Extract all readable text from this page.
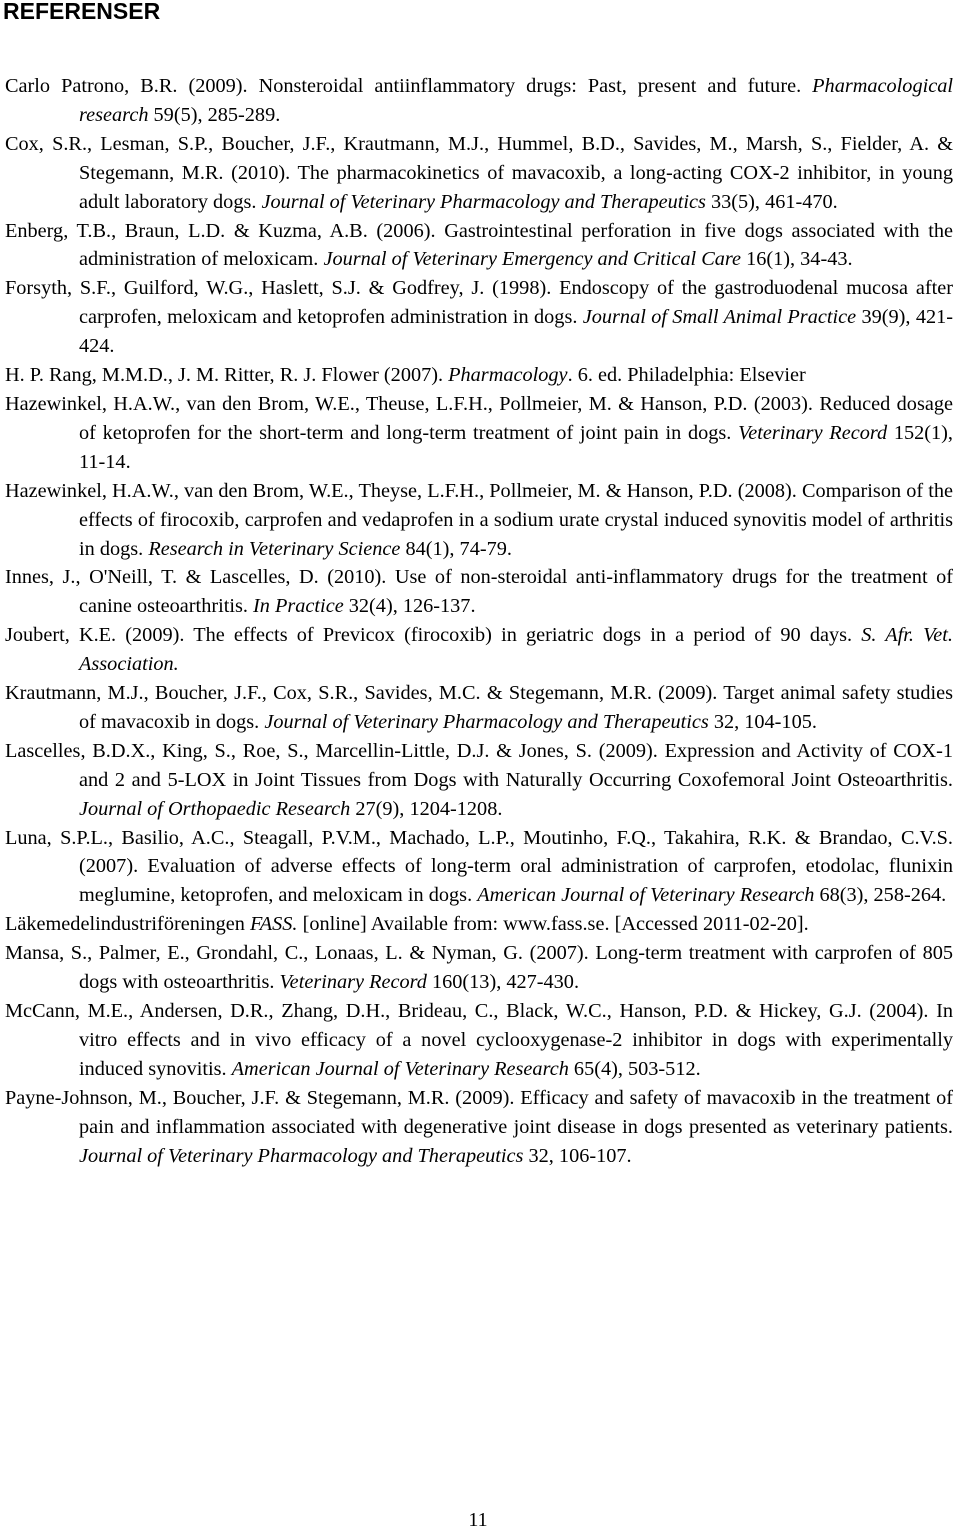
REFERENSER

Carlo Patrono, B.R. (2009). Nonsteroidal antiinflammatory drugs: Past, present and future. Pharmacological research 59(5), 285-289.

Cox, S.R., Lesman, S.P., Boucher, J.F., Krautmann, M.J., Hummel, B.D., Savides, M., Marsh, S., Fielder, A. & Stegemann, M.R. (2010). The pharmacokinetics of mavacoxib, a long-acting COX-2 inhibitor, in young adult laboratory dogs. Journal of Veterinary Pharmacology and Therapeutics 33(5), 461-470.

Enberg, T.B., Braun, L.D. & Kuzma, A.B. (2006). Gastrointestinal perforation in five dogs associated with the administration of meloxicam. Journal of Veterinary Emergency and Critical Care 16(1), 34-43.

Forsyth, S.F., Guilford, W.G., Haslett, S.J. & Godfrey, J. (1998). Endoscopy of the gastroduodenal mucosa after carprofen, meloxicam and ketoprofen administration in dogs. Journal of Small Animal Practice 39(9), 421-424.

H. P. Rang, M.M.D., J. M. Ritter, R. J. Flower (2007). Pharmacology. 6. ed. Philadelphia: Elsevier

Hazewinkel, H.A.W., van den Brom, W.E., Theuse, L.F.H., Pollmeier, M. & Hanson, P.D. (2003). Reduced dosage of ketoprofen for the short-term and long-term treatment of joint pain in dogs. Veterinary Record 152(1), 11-14.

Hazewinkel, H.A.W., van den Brom, W.E., Theyse, L.F.H., Pollmeier, M. & Hanson, P.D. (2008). Comparison of the effects of firocoxib, carprofen and vedaprofen in a sodium urate crystal induced synovitis model of arthritis in dogs. Research in Veterinary Science 84(1), 74-79.

Innes, J., O'Neill, T. & Lascelles, D. (2010). Use of non-steroidal anti-inflammatory drugs for the treatment of canine osteoarthritis. In Practice 32(4), 126-137.

Joubert, K.E. (2009). The effects of Previcox (firocoxib) in geriatric dogs in a period of 90 days. S. Afr. Vet. Association.

Krautmann, M.J., Boucher, J.F., Cox, S.R., Savides, M.C. & Stegemann, M.R. (2009). Target animal safety studies of mavacoxib in dogs. Journal of Veterinary Pharmacology and Therapeutics 32, 104-105.

Lascelles, B.D.X., King, S., Roe, S., Marcellin-Little, D.J. & Jones, S. (2009). Expression and Activity of COX-1 and 2 and 5-LOX in Joint Tissues from Dogs with Naturally Occurring Coxofemoral Joint Osteoarthritis. Journal of Orthopaedic Research 27(9), 1204-1208.

Luna, S.P.L., Basilio, A.C., Steagall, P.V.M., Machado, L.P., Moutinho, F.Q., Takahira, R.K. & Brandao, C.V.S. (2007). Evaluation of adverse effects of long-term oral administration of carprofen, etodolac, flunixin meglumine, ketoprofen, and meloxicam in dogs. American Journal of Veterinary Research 68(3), 258-264.

Läkemedelindustriföreningen FASS. [online] Available from: www.fass.se. [Accessed 2011-02-20].

Mansa, S., Palmer, E., Grondahl, C., Lonaas, L. & Nyman, G. (2007). Long-term treatment with carprofen of 805 dogs with osteoarthritis. Veterinary Record 160(13), 427-430.

McCann, M.E., Andersen, D.R., Zhang, D.H., Brideau, C., Black, W.C., Hanson, P.D. & Hickey, G.J. (2004). In vitro effects and in vivo efficacy of a novel cyclooxygenase-2 inhibitor in dogs with experimentally induced synovitis. American Journal of Veterinary Research 65(4), 503-512.

Payne-Johnson, M., Boucher, J.F. & Stegemann, M.R. (2009). Efficacy and safety of mavacoxib in the treatment of pain and inflammation associated with degenerative joint disease in dogs presented as veterinary patients. Journal of Veterinary Pharmacology and Therapeutics 32, 106-107.

11
